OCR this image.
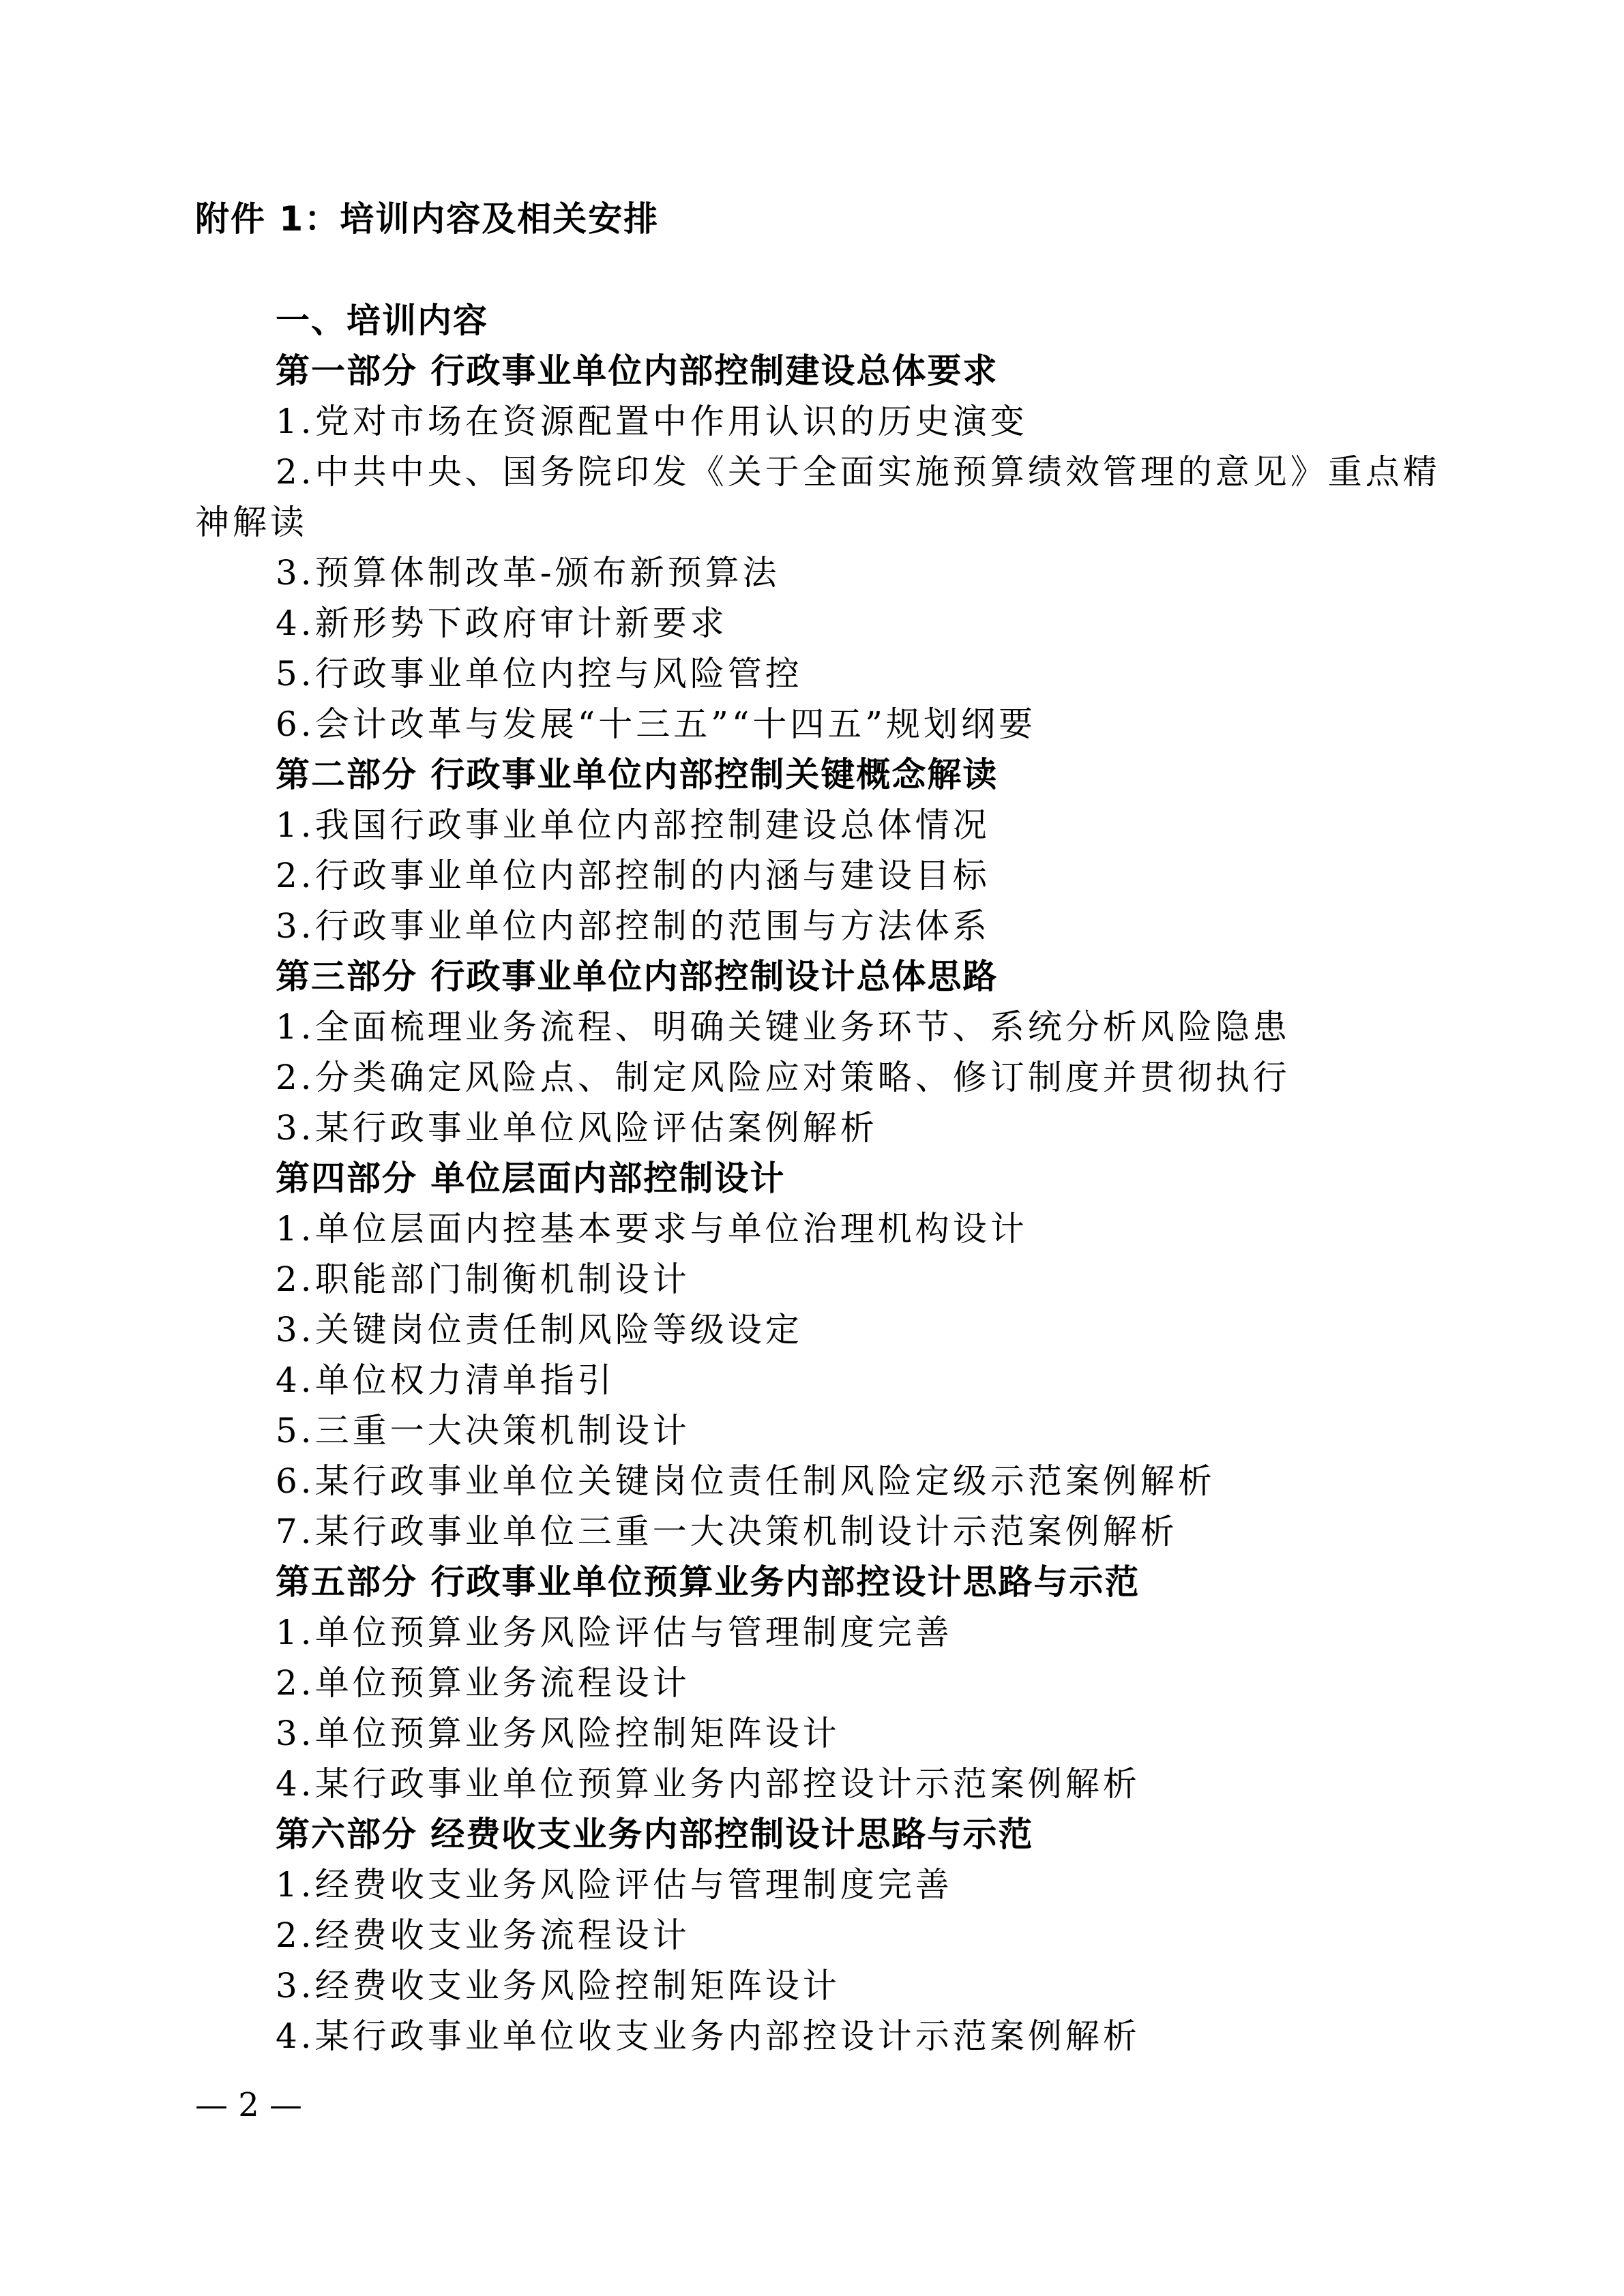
附件 1：培训内容及相关安排
一、培训内容
第一部分 行政事业单位内部控制建设总体要求
1.党对市场在资源配置中作用认识的历史演变
2.中共中央、国务院印发《关于全面实施预算绩效管理的意见》重点精神解读
3.预算体制改革-颁布新预算法
4.新形势下政府审计新要求
5.行政事业单位内控与风险管控
6.会计改革与发展“十三五”“十四五”规划纲要
第二部分 行政事业单位内部控制关键概念解读
1.我国行政事业单位内部控制建设总体情况
2.行政事业单位内部控制的内涵与建设目标
3.行政事业单位内部控制的范围与方法体系
第三部分 行政事业单位内部控制设计总体思路
1.全面梳理业务流程、明确关键业务环节、系统分析风险隐患
2.分类确定风险点、制定风险应对策略、修订制度并贯彻执行
3.某行政事业单位风险评估案例解析
第四部分 单位层面内部控制设计
1.单位层面内控基本要求与单位治理机构设计
2.职能部门制衡机制设计
3.关键岗位责任制风险等级设定
4.单位权力清单指引
5.三重一大决策机制设计
6.某行政事业单位关键岗位责任制风险定级示范案例解析
7.某行政事业单位三重一大决策机制设计示范案例解析
第五部分 行政事业单位预算业务内部控设计思路与示范
1.单位预算业务风险评估与管理制度完善
2.单位预算业务流程设计
3.单位预算业务风险控制矩阵设计
4.某行政事业单位预算业务内部控设计示范案例解析
第六部分 经费收支业务内部控制设计思路与示范
1.经费收支业务风险评估与管理制度完善
2.经费收支业务流程设计
3.经费收支业务风险控制矩阵设计
4.某行政事业单位收支业务内部控设计示范案例解析
— 2 —
